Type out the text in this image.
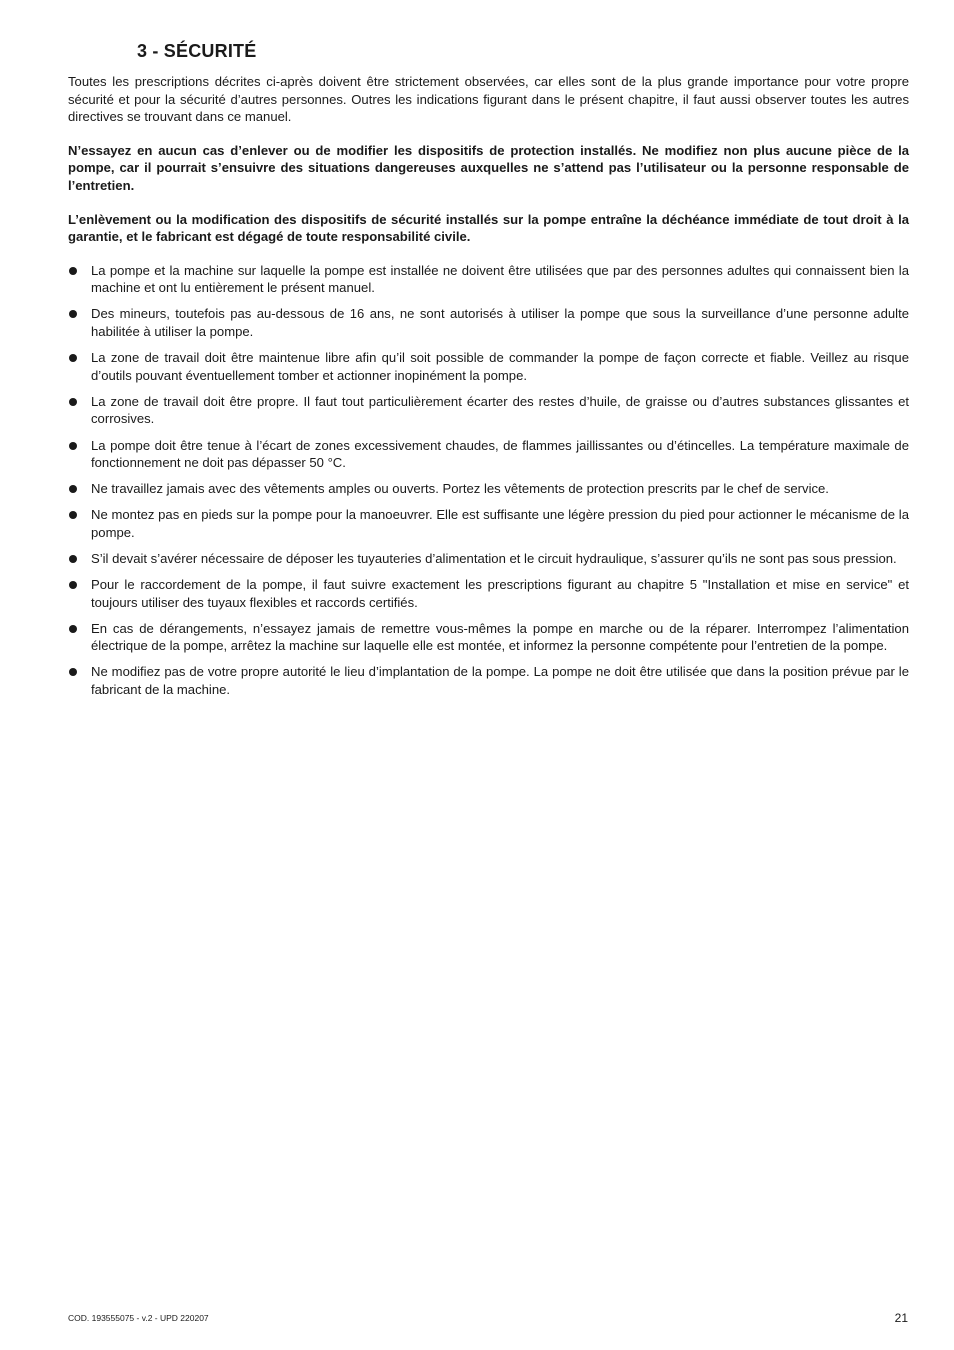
3 - SÉCURITÉ

Toutes les prescriptions décrites ci-après doivent être strictement observées, car elles sont de la plus grande importance pour votre propre sécurité et pour la sécurité d’autres personnes. Outres les indications figurant dans le présent chapitre, il faut aussi observer toutes les autres directives se trouvant dans ce manuel.

N’essayez en aucun cas d’enlever ou de modifier les dispositifs de protection installés. Ne modifiez non plus aucune pièce de la pompe, car il pourrait s’ensuivre des situations dangereuses auxquelles ne s’attend pas l’utilisateur ou la personne responsable de l’entretien.

L’enlèvement ou la modification des dispositifs de sécurité installés sur la pompe entraîne la déchéance immédiate de tout droit à la garantie, et le fabricant est dégagé de toute responsabilité civile.

La pompe et la machine sur laquelle la pompe est installée ne doivent être utilisées que par des personnes adultes qui connaissent bien la machine et ont lu entièrement le présent manuel.
Des mineurs, toutefois pas au-dessous de 16 ans, ne sont autorisés à utiliser la pompe que sous la surveillance d’une personne adulte habilitée à utiliser la pompe.
La zone de travail doit être maintenue libre afin qu’il soit possible de commander la pompe de façon correcte et fiable. Veillez au risque d’outils pouvant éventuellement tomber et actionner inopinément la pompe.
La zone de travail doit être propre. Il faut tout particulièrement écarter des restes d’huile, de graisse ou d’autres substances glissantes et corrosives.
La pompe doit être tenue à l’écart de zones excessivement chaudes, de flammes jaillissantes ou d’étincelles. La température maximale de fonctionnement ne doit pas dépasser 50 °C.
Ne travaillez jamais avec des vêtements amples ou ouverts. Portez les vêtements de protection prescrits par le chef de service.
Ne montez pas en pieds sur la pompe pour la manoeuvrer. Elle est suffisante une légère pression du pied pour actionner le mécanisme de la pompe.
S’il devait s’avérer nécessaire de déposer les tuyauteries d’alimentation et le circuit hydraulique, s’assurer qu’ils ne sont pas sous pression.
Pour le raccordement de la pompe, il faut suivre exactement les prescriptions figurant au chapitre 5 "Installation et mise en service" et toujours utiliser des tuyaux flexibles et raccords certifiés.
En cas de dérangements, n’essayez jamais de remettre vous-mêmes la pompe en marche ou de la réparer. Interrompez l’alimentation électrique de la pompe, arrêtez la machine sur laquelle elle est montée, et informez la personne compétente pour l’entretien de la pompe.
Ne modifiez pas de votre propre autorité le lieu d’implantation de la pompe. La pompe ne doit être utilisée que dans la position prévue par le fabricant de la machine.
COD. 193555075 - v.2 - UPD 220207	21
